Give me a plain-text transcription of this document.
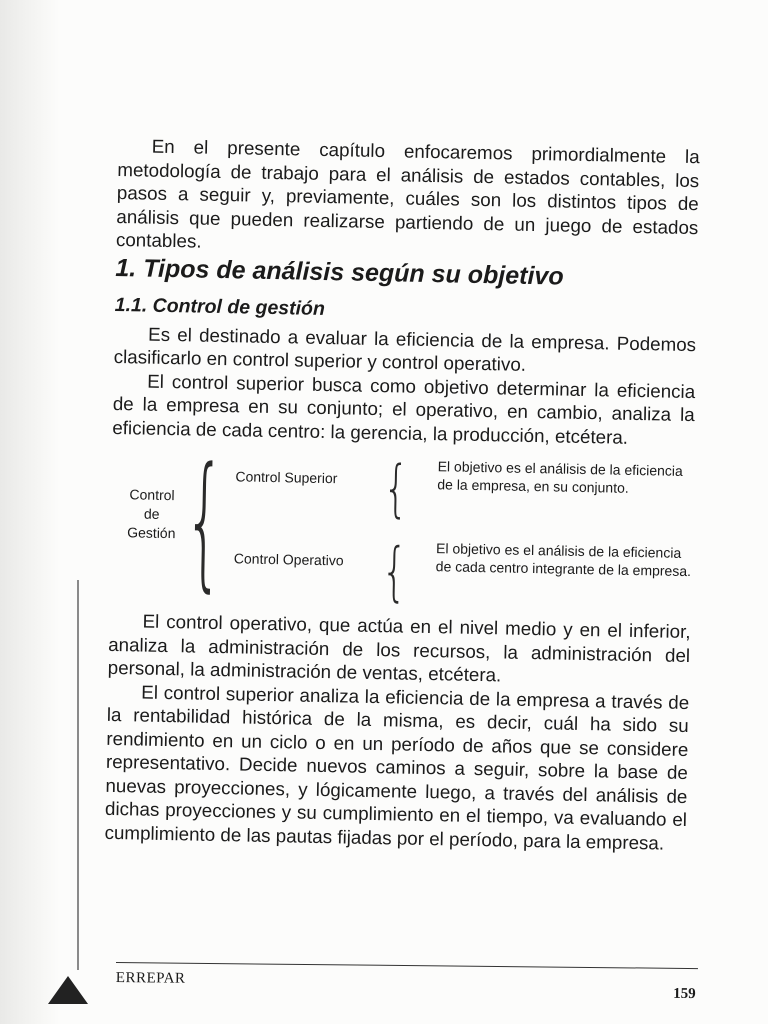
En el presente capítulo enfocaremos primordialmente la metodología de trabajo para el análisis de estados contables, los pasos a seguir y, previamente, cuáles son los distintos tipos de análisis que pueden realizarse partiendo de un juego de estados contables.

1. Tipos de análisis según su objetivo
1.1. Control de gestión

Es el destinado a evaluar la eficiencia de la empresa. Podemos clasificarlo en control superior y control operativo.

El control superior busca como objetivo determinar la eficiencia de la empresa en su conjunto; el operativo, en cambio, analiza la eficiencia de cada centro: la gerencia, la producción, etcétera.

Control
de
Gestión { Control Superior
Control Operativo
{
{
El objetivo es el análisis de la eficiencia de la empresa, en su conjunto.
El objetivo es el análisis de la eficiencia de cada centro integrante de la empresa.

El control operativo, que actúa en el nivel medio y en el inferior, analiza la administración de los recursos, la administración del personal, la administración de ventas, etcétera.

El control superior analiza la eficiencia de la empresa a través de la rentabilidad histórica de la misma, es decir, cuál ha sido su rendimiento en un ciclo o en un período de años que se considere representativo. Decide nuevos caminos a seguir, sobre la base de nuevas proyecciones, y lógicamente luego, a través del análisis de dichas proyecciones y su cumplimiento en el tiempo, va evaluando el cumplimiento de las pautas fijadas por el período, para la empresa.

ERREPAR
159
